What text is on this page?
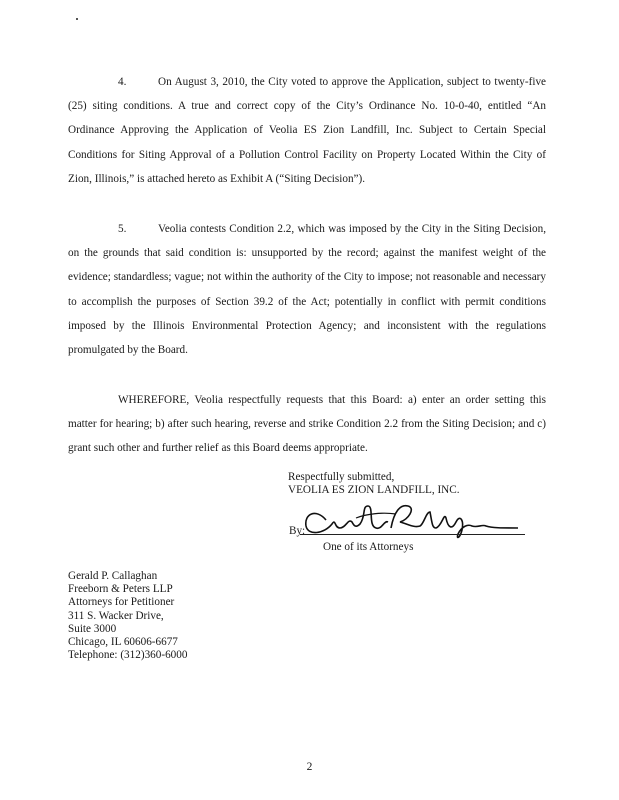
4.	On August 3, 2010, the City voted to approve the Application, subject to twenty-five (25) siting conditions. A true and correct copy of the City’s Ordinance No. 10-0-40, entitled “An Ordinance Approving the Application of Veolia ES Zion Landfill, Inc. Subject to Certain Special Conditions for Siting Approval of a Pollution Control Facility on Property Located Within the City of Zion, Illinois,” is attached hereto as Exhibit A (“Siting Decision”).

5.	Veolia contests Condition 2.2, which was imposed by the City in the Siting Decision, on the grounds that said condition is: unsupported by the record; against the manifest weight of the evidence; standardless; vague; not within the authority of the City to impose; not reasonable and necessary to accomplish the purposes of Section 39.2 of the Act; potentially in conflict with permit conditions imposed by the Illinois Environmental Protection Agency; and inconsistent with the regulations promulgated by the Board.

WHEREFORE, Veolia respectfully requests that this Board: a) enter an order setting this matter for hearing; b) after such hearing, reverse and strike Condition 2.2 from the Siting Decision; and c) grant such other and further relief as this Board deems appropriate.

Respectfully submitted,
VEOLIA ES ZION LANDFILL, INC.
By:
One of its Attorneys
Gerald P. Callaghan
Freeborn & Peters LLP
Attorneys for Petitioner
311 S. Wacker Drive,
Suite 3000
Chicago, IL 60606-6677
Telephone: (312)360-6000
2
